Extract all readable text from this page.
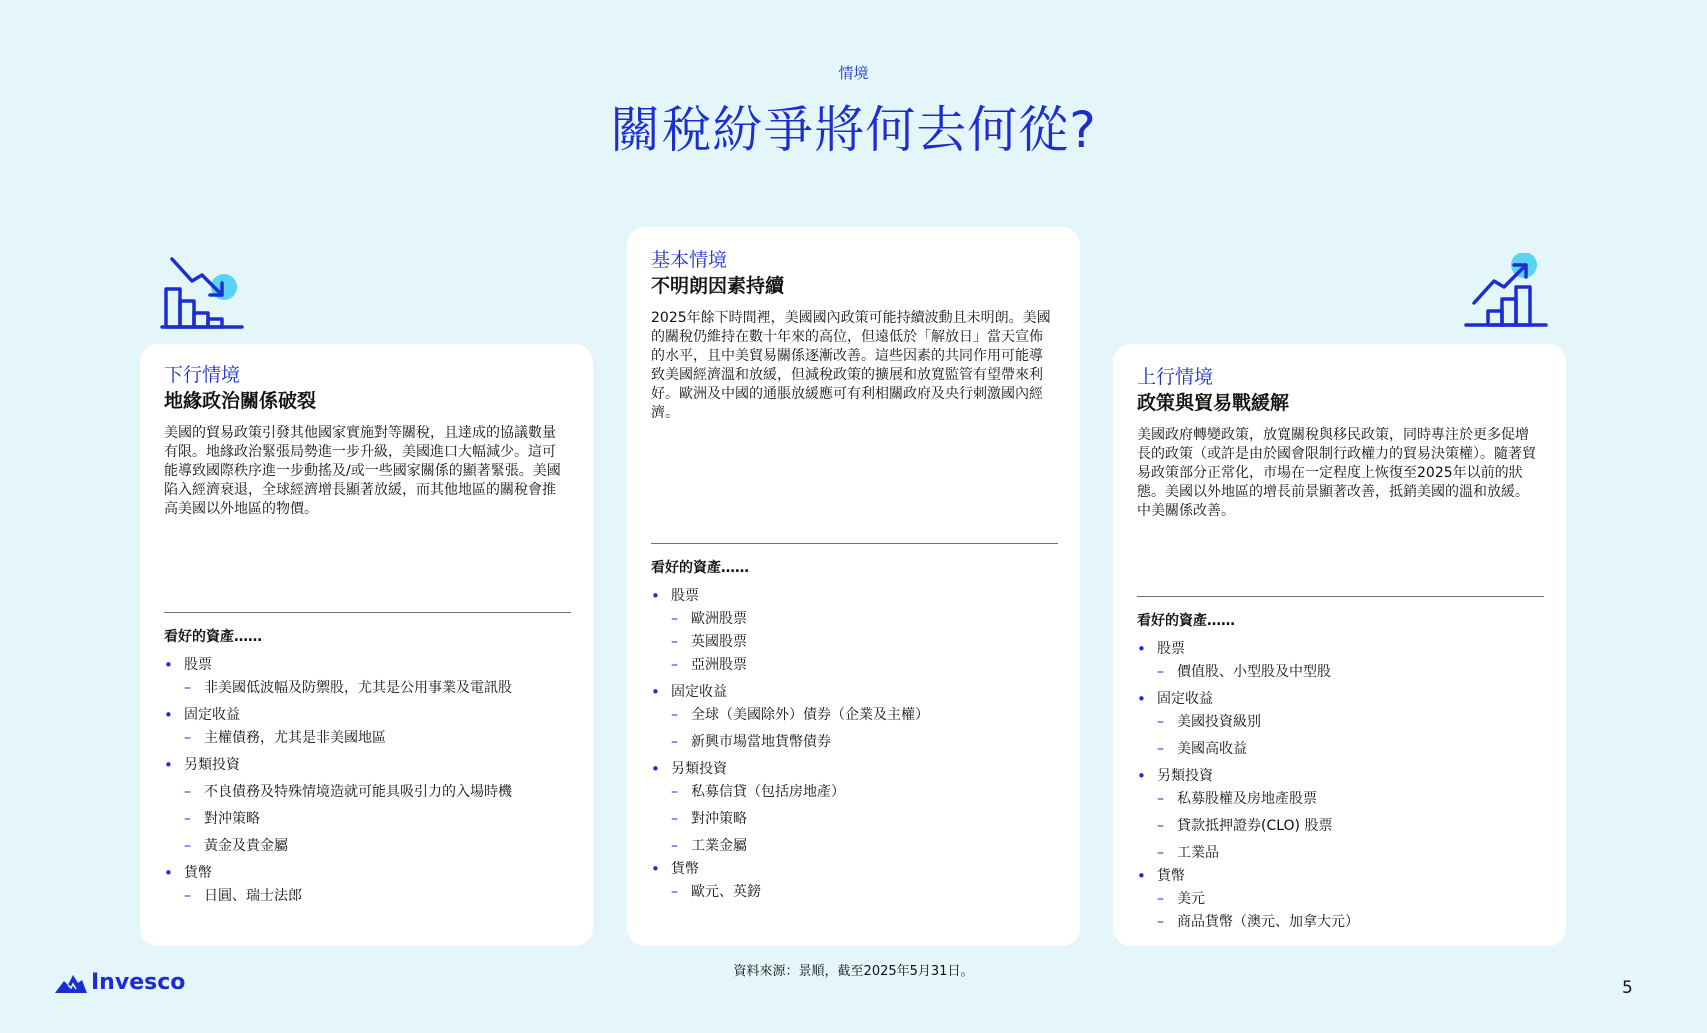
情境
關稅紛爭將何去何從?
下行情境
地緣政治關係破裂
美國的貿易政策引發其他國家實施對等關稅，且達成的協議數量有限。地緣政治緊張局勢進一步升級，美國進口大幅減少。這可能導致國際秩序進一步動搖及/或一些國家關係的顯著緊張。美國陷入經濟衰退，全球經濟增長顯著放緩，而其他地區的關稅會推高美國以外地區的物價。
看好的資產……
• 股票
– 非美國低波幅及防禦股，尤其是公用事業及電訊股
• 固定收益
– 主權債務，尤其是非美國地區
• 另類投資
– 不良債務及特殊情境造就可能具吸引力的入場時機
– 對沖策略
– 黃金及貴金屬
• 貨幣
– 日圓、瑞士法郎
基本情境
不明朗因素持續
2025年餘下時間裡，美國國內政策可能持續波動且未明朗。美國的關稅仍維持在數十年來的高位，但遠低於「解放日」當天宣佈的水平，且中美貿易關係逐漸改善。這些因素的共同作用可能導致美國經濟溫和放緩，但減稅政策的擴展和放寬監管有望帶來利好。歐洲及中國的通脹放緩應可有利相關政府及央行刺激國內經濟。
看好的資產……
• 股票
– 歐洲股票
– 英國股票
– 亞洲股票
• 固定收益
– 全球（美國除外）債券（企業及主權）
– 新興市場當地貨幣債券
• 另類投資
– 私募信貸（包括房地產）
– 對沖策略
– 工業金屬
• 貨幣
– 歐元、英鎊
上行情境
政策與貿易戰緩解
美國政府轉變政策，放寬關稅與移民政策，同時專注於更多促增長的政策（或許是由於國會限制行政權力的貿易決策權）。隨著貿易政策部分正常化，市場在一定程度上恢復至2025年以前的狀態。美國以外地區的增長前景顯著改善，抵銷美國的溫和放緩。中美關係改善。
看好的資產……
• 股票
– 價值股、小型股及中型股
• 固定收益
– 美國投資級別
– 美國高收益
• 另類投資
– 私募股權及房地產股票
– 貸款抵押證券(CLO) 股票
– 工業品
• 貨幣
– 美元
– 商品貨幣（澳元、加拿大元）
資料來源：景順，截至2025年5月31日。
Invesco	5
